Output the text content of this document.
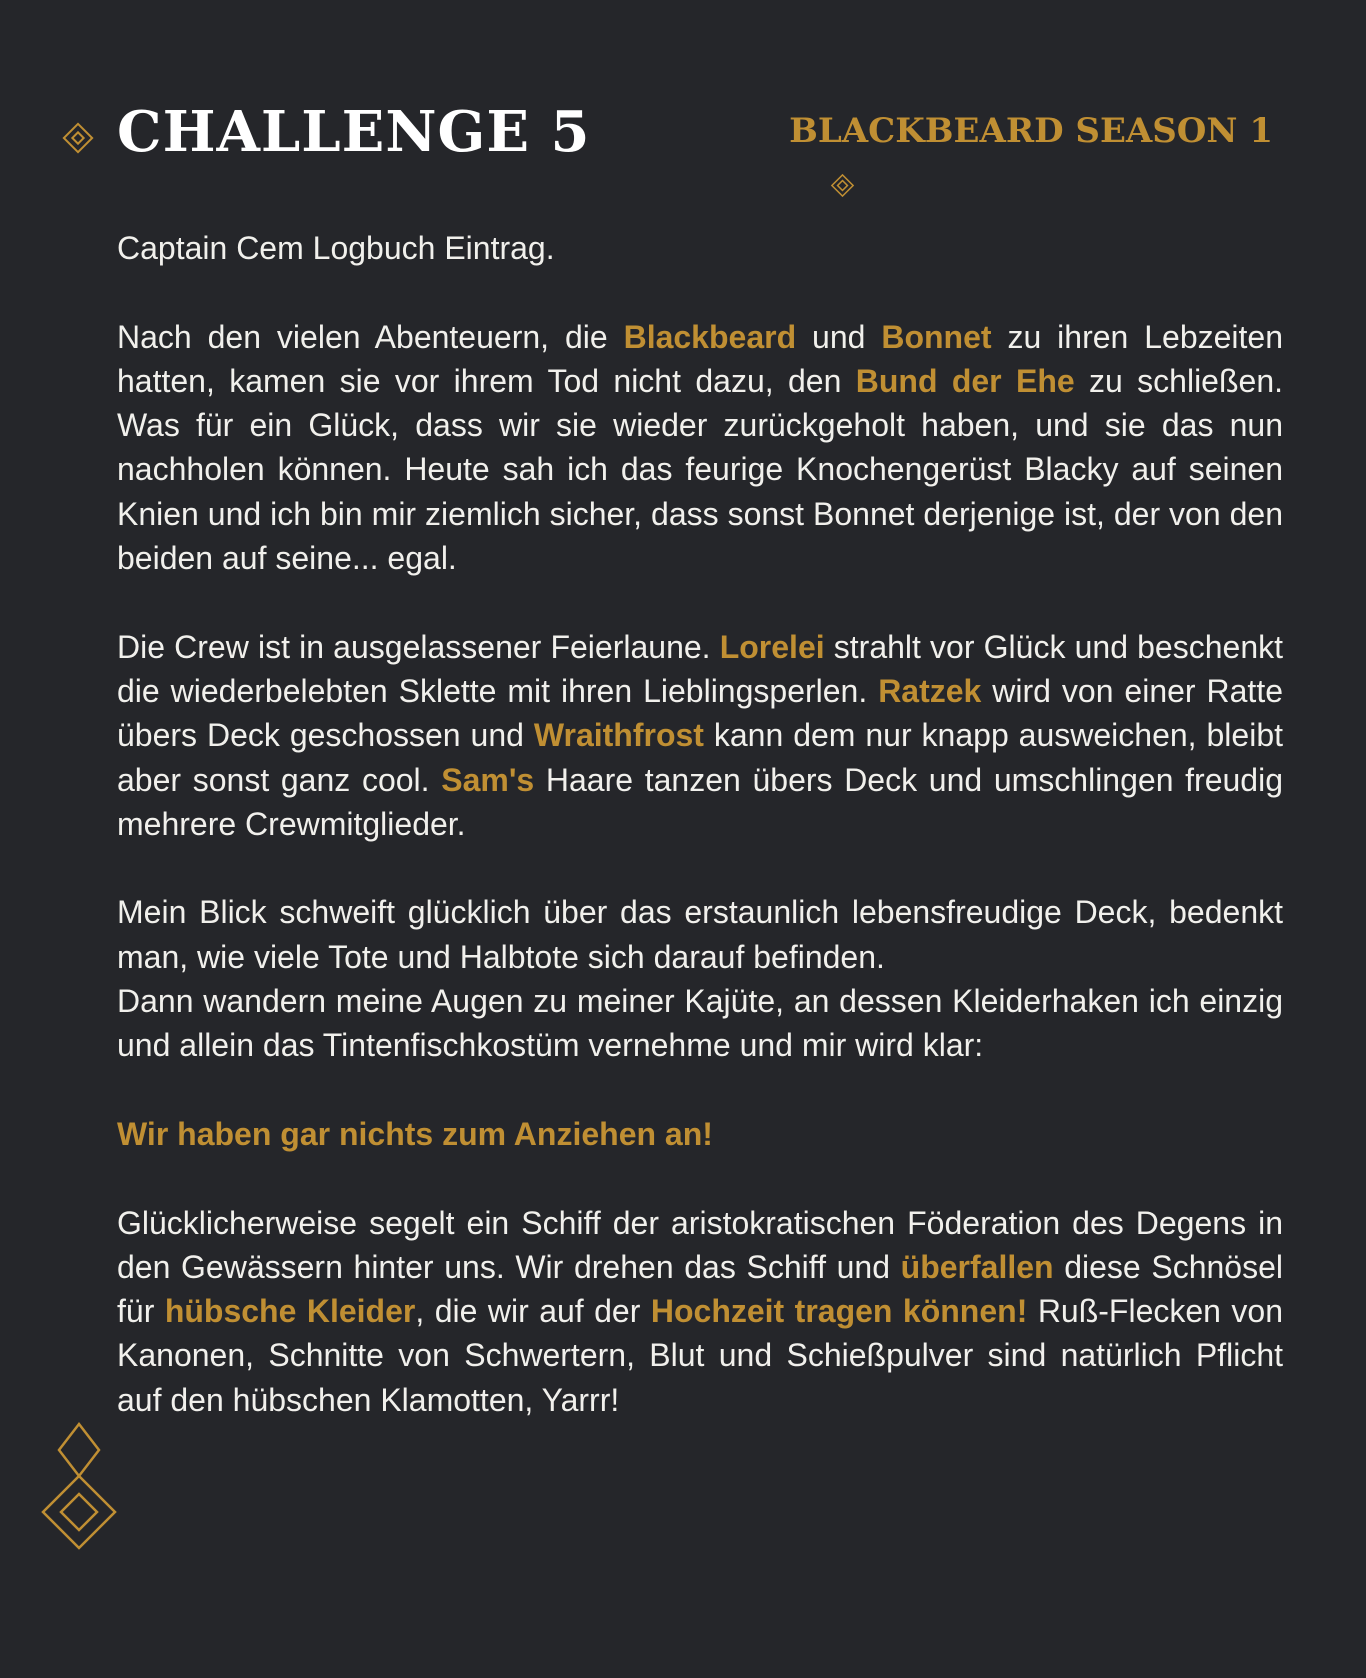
CHALLENGE 5	BLACKBEARD SEASON 1

Captain Cem Logbuch Eintrag.

Nach den vielen Abenteuern, die Blackbeard und Bonnet zu ihren Lebzeiten hatten, kamen sie vor ihrem Tod nicht dazu, den Bund der Ehe zu schließen. Was für ein Glück, dass wir sie wieder zurückgeholt haben, und sie das nun nachholen können. Heute sah ich das feurige Knochengerüst Blacky auf seinen Knien und ich bin mir ziemlich sicher, dass sonst Bonnet derjenige ist, der von den beiden auf seine... egal.

Die Crew ist in ausgelassener Feierlaune. Lorelei strahlt vor Glück und beschenkt die wiederbelebten Sklette mit ihren Lieblingsperlen. Ratzek wird von einer Ratte übers Deck geschossen und Wraithfrost kann dem nur knapp ausweichen, bleibt aber sonst ganz cool. Sam's Haare tanzen übers Deck und umschlingen freudig mehrere Crewmitglieder.

Mein Blick schweift glücklich über das erstaunlich lebensfreudige Deck, bedenkt man, wie viele Tote und Halbtote sich darauf befinden.
Dann wandern meine Augen zu meiner Kajüte, an dessen Kleiderhaken ich einzig und allein das Tintenfischkostüm vernehme und mir wird klar:

Wir haben gar nichts zum Anziehen an!

Glücklicherweise segelt ein Schiff der aristokratischen Föderation des Degens in den Gewässern hinter uns. Wir drehen das Schiff und überfallen diese Schnösel für hübsche Kleider, die wir auf der Hochzeit tragen können! Ruß-Flecken von Kanonen, Schnitte von Schwertern, Blut und Schießpulver sind natürlich Pflicht auf den hübschen Klamotten, Yarrr!
